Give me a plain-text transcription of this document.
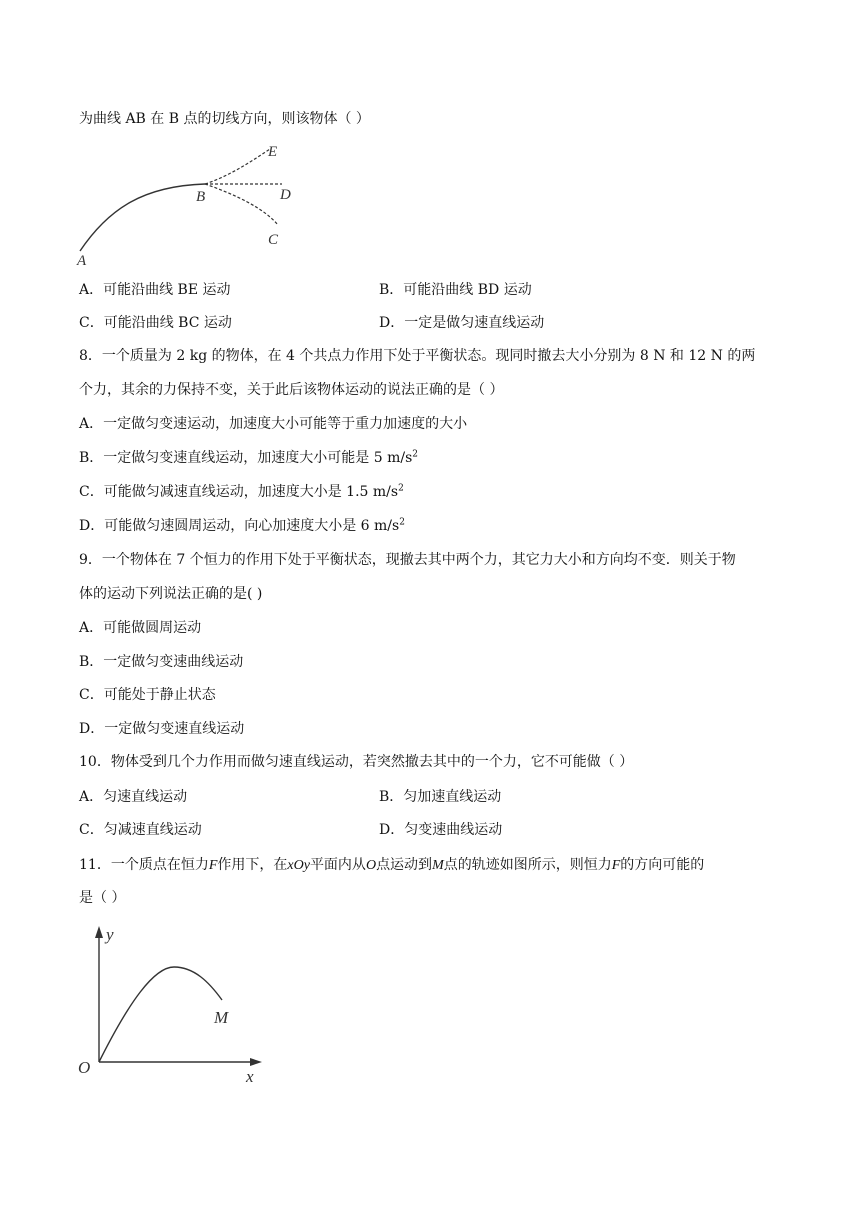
为曲线 AB 在 B 点的切线方向，则该物体（ ）
A
B
C
D
E
A．可能沿曲线 BE 运动	B．可能沿曲线 BD 运动
C．可能沿曲线 BC 运动	D．一定是做匀速直线运动
8．一个质量为 2 kg 的物体，在 4 个共点力作用下处于平衡状态。现同时撤去大小分别为 8 N 和 12 N 的两
个力，其余的力保持不变，关于此后该物体运动的说法正确的是（ ）
A．一定做匀变速运动，加速度大小可能等于重力加速度的大小
B．一定做匀变速直线运动，加速度大小可能是 5 $m/s^2$
C．可能做匀减速直线运动，加速度大小是 1.5 $m/s^2$
D．可能做匀速圆周运动，向心加速度大小是 6 $m/s^2$
9．一个物体在 7 个恒力的作用下处于平衡状态，现撤去其中两个力，其它力大小和方向均不变．则关于物
体的运动下列说法正确的是( )
A．可能做圆周运动
B．一定做匀变速曲线运动
C．可能处于静止状态
D．一定做匀变速直线运动
10．物体受到几个力作用而做匀速直线运动，若突然撤去其中的一个力，它不可能做（ ）
A．匀速直线运动	B．匀加速直线运动
C．匀减速直线运动	D．匀变速曲线运动
11．一个质点在恒力F作用下，在xOy平面内从O点运动到M点的轨迹如图所示，则恒力F的方向可能的
是（ ）
y
x
O
M
